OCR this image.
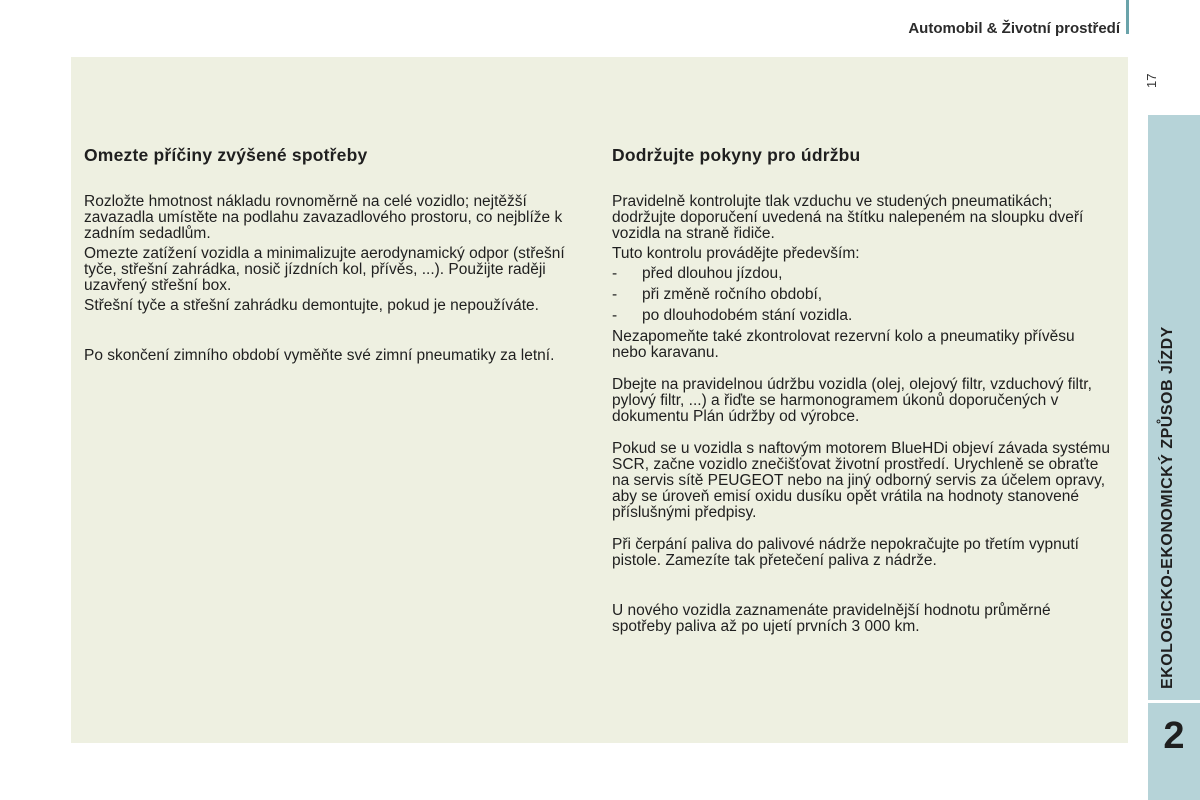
Automobil & Životní prostředí
17
EKOLOGICKO-EKONOMICKÝ ZPŮSOB JÍZDY
2
Omezte příčiny zvýšené spotřeby

Rozložte hmotnost nákladu rovnoměrně na celé vozidlo; nejtěžší zavazadla umístěte na podlahu zavazadlového prostoru, co nejblíže k zadním sedadlům.

Omezte zatížení vozidla a minimalizujte aerodynamický odpor (střešní tyče, střešní zahrádka, nosič jízdních kol, přívěs, ...). Použijte raději uzavřený střešní box.

Střešní tyče a střešní zahrádku demontujte, pokud je nepoužíváte.

Po skončení zimního období vyměňte své zimní pneumatiky za letní.

Dodržujte pokyny pro údržbu

Pravidelně kontrolujte tlak vzduchu ve studených pneumatikách; dodržujte doporučení uvedená na štítku nalepeném na sloupku dveří vozidla na straně řidiče.

Tuto kontrolu provádějte především:

-	před dlouhou jízdou,
-	při změně ročního období,
-	po dlouhodobém stání vozidla.

Nezapomeňte také zkontrolovat rezervní kolo a pneumatiky přívěsu nebo karavanu.

Dbejte na pravidelnou údržbu vozidla (olej, olejový filtr, vzduchový filtr, pylový filtr, ...) a řiďte se harmonogramem úkonů doporučených v dokumentu Plán údržby od výrobce.

Pokud se u vozidla s naftovým motorem BlueHDi objeví závada systému SCR, začne vozidlo znečišťovat životní prostředí. Urychleně se obraťte na servis sítě PEUGEOT nebo na jiný odborný servis za účelem opravy, aby se úroveň emisí oxidu dusíku opět vrátila na hodnoty stanovené příslušnými předpisy.

Při čerpání paliva do palivové nádrže nepokračujte po třetím vypnutí pistole. Zamezíte tak přetečení paliva z nádrže.

U nového vozidla zaznamenáte pravidelnější hodnotu průměrné spotřeby paliva až po ujetí prvních 3 000 km.
